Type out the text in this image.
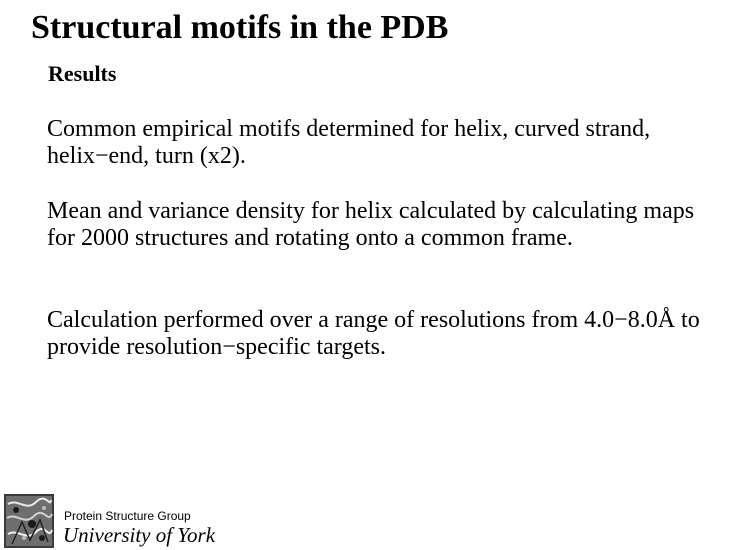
Structural motifs in the PDB
Results
Common empirical motifs determined for helix, curved strand, helix−end, turn (x2).
Mean and variance density for helix calculated by calculating maps for 2000 structures and rotating onto a common frame.
Calculation performed over a range of resolutions from 4.0−8.0Å to provide resolution−specific targets.
Protein Structure Group
University of York
